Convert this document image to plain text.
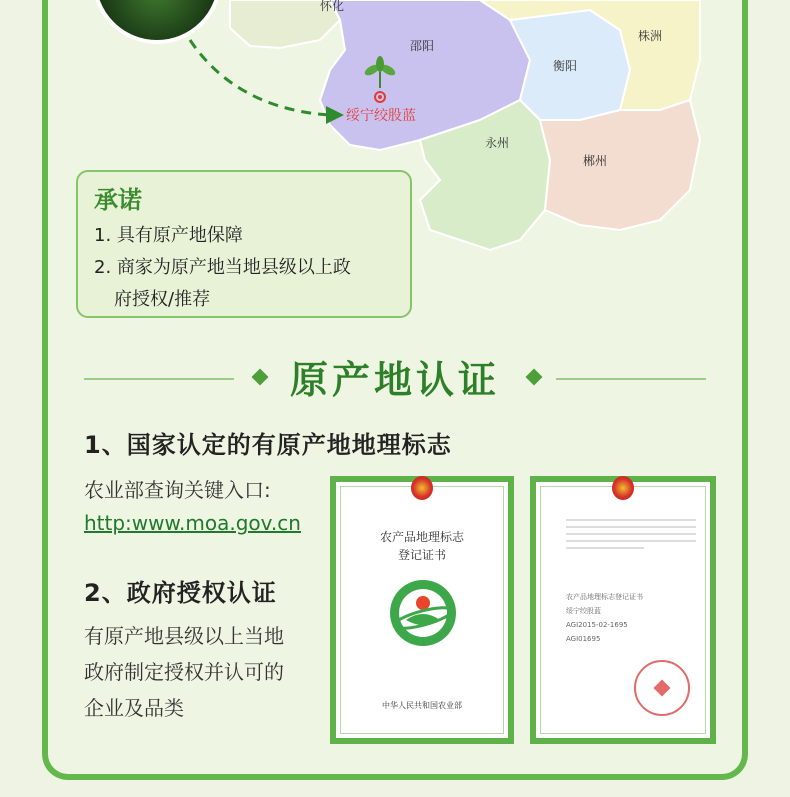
怀化
邵阳
衡阳
株洲
永州
郴州
绥宁绞股蓝
承诺

1. 具有原产地保障

2. 商家为原产地当地县级以上政

府授权/推荐

原产地认证
1、国家认定的有原产地地理标志
农业部查询关键入口:
http:www.moa.gov.cn
2、政府授权认证
有原产地县级以上当地
政府制定授权并认可的
企业及品类
农产品地理标志
登记证书
中华人民共和国农业部
农产品地理标志登记证书
绥宁绞股蓝
AGI2015-02-1695
AGI01695
